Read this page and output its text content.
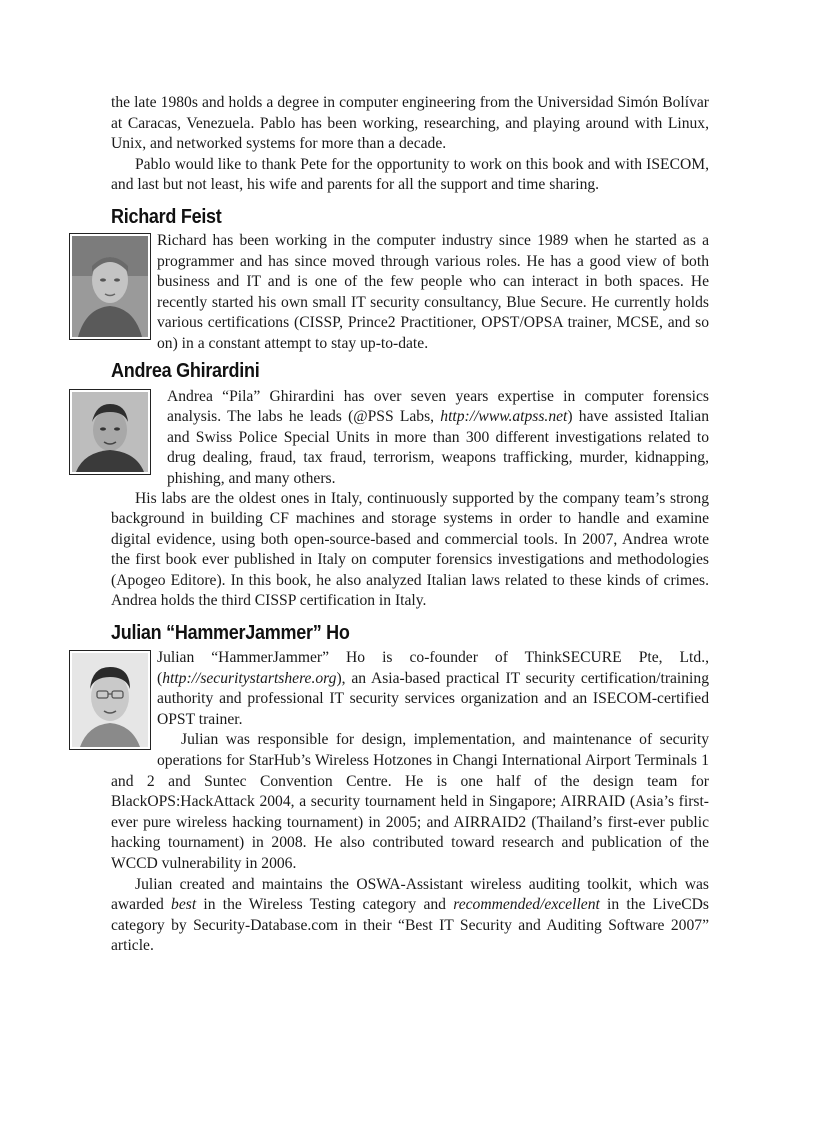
the late 1980s and holds a degree in computer engineering from the Universidad Simón Bolívar at Caracas, Venezuela. Pablo has been working, researching, and playing around with Linux, Unix, and networked systems for more than a decade.

Pablo would like to thank Pete for the opportunity to work on this book and with ISECOM, and last but not least, his wife and parents for all the support and time sharing.

Richard Feist

Richard has been working in the computer industry since 1989 when he started as a programmer and has since moved through various roles. He has a good view of both business and IT and is one of the few people who can interact in both spaces. He recently started his own small IT security consultancy, Blue Secure. He currently holds various certifications (CISSP, Prince2 Practitioner, OPST/OPSA trainer, MCSE, and so on) in a constant attempt to stay up-to-date.

Andrea Ghirardini

Andrea “Pila” Ghirardini has over seven years expertise in computer forensics analysis. The labs he leads (@PSS Labs, http://www.atpss.net) have assisted Italian and Swiss Police Special Units in more than 300 different investigations related to drug dealing, fraud, tax fraud, terrorism, weapons trafficking, murder, kidnapping, phishing, and many others.

His labs are the oldest ones in Italy, continuously supported by the company team’s strong background in building CF machines and storage systems in order to handle and examine digital evidence, using both open-source-based and commercial tools. In 2007, Andrea wrote the first book ever published in Italy on computer forensics investigations and methodologies (Apogeo Editore). In this book, he also analyzed Italian laws related to these kinds of crimes. Andrea holds the third CISSP certification in Italy.

Julian “HammerJammer” Ho

Julian “HammerJammer” Ho is co-founder of ThinkSECURE Pte, Ltd., (http://securitystartshere.org), an Asia-based practical IT security certification/training authority and professional IT security services organization and an ISECOM-certified OPST trainer.

Julian was responsible for design, implementation, and maintenance of security operations for StarHub’s Wireless Hotzones in Changi International Airport Terminals 1 and 2 and Suntec Convention Centre. He is one half of the design team for BlackOPS:HackAttack 2004, a security tournament held in Singapore; AIRRAID (Asia’s first-ever pure wireless hacking tournament) in 2005; and AIRRAID2 (Thailand’s first-ever public hacking tournament) in 2008. He also contributed toward research and publication of the WCCD vulnerability in 2006.

Julian created and maintains the OSWA-Assistant wireless auditing toolkit, which was awarded best in the Wireless Testing category and recommended/excellent in the LiveCDs category by Security-Database.com in their “Best IT Security and Auditing Software 2007” article.
